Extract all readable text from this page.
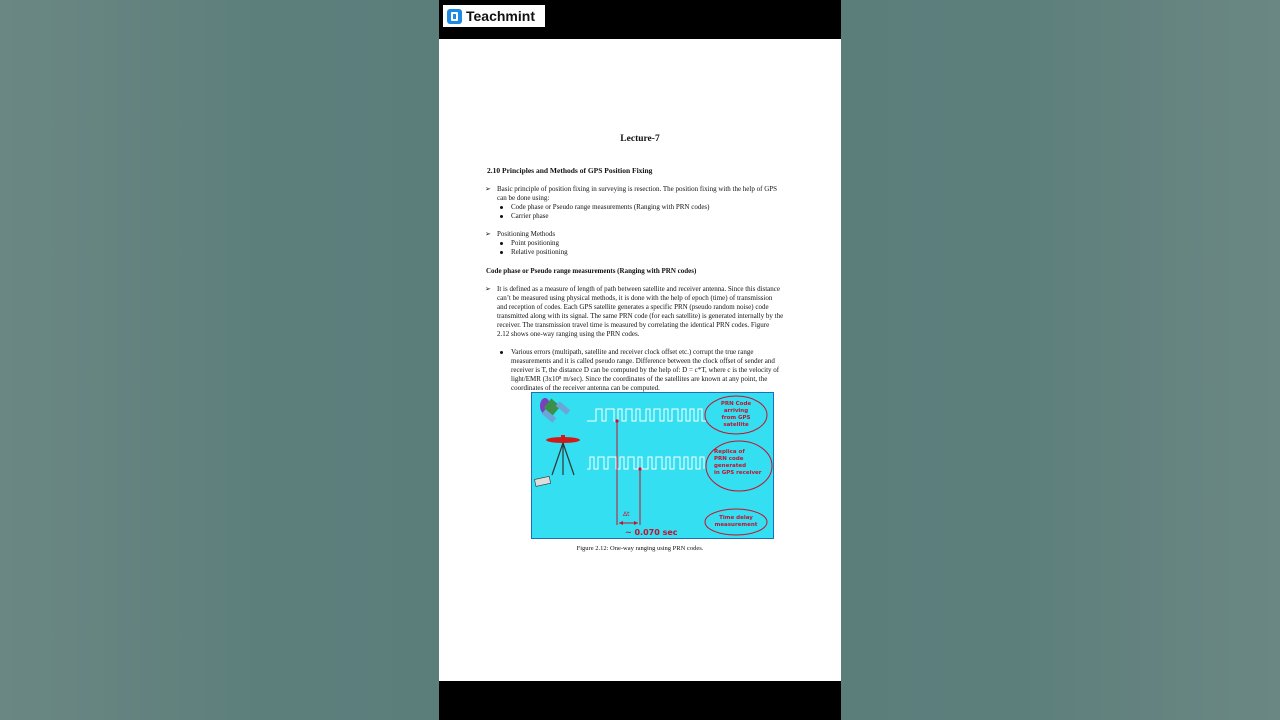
Teachmint
Lecture-7
2.10 Principles and Methods of GPS Position Fixing
➢ Basic principle of position fixing in surveying is resection. The position fixing with the help of GPS
can be done using:
Code phase or Pseudo range measurements (Ranging with PRN codes)
Carrier phase
➢ Positioning Methods
Point positioning
Relative positioning
Code phase or Pseudo range measurements (Ranging with PRN codes)
➢ It is defined as a measure of length of path between satellite and receiver antenna. Since this distance
can’t be measured using physical methods, it is done with the help of epoch (time) of transmission
and reception of codes. Each GPS satellite generates a specific PRN (pseudo random noise) code
transmitted along with its signal. The same PRN code (for each satellite) is generated internally by the
receiver. The transmission travel time is measured by correlating the identical PRN codes. Figure
2.12 shows one-way ranging using the PRN codes.
Various errors (multipath, satellite and receiver clock offset etc.) corrupt the true range
measurements and it is called pseudo range. Difference between the clock offset of sender and
receiver is T, the distance D can be computed by the help of: D = c*T, where c is the velocity of
light/EMR (3x10⁸ m/sec). Since the coordinates of the satellites are known at any point, the
coordinates of the receiver antenna can be computed.
PRN Code
arriving
from GPS
satellite
Replica of
PRN code
generated
in GPS receiver
Time delay
measurement
Δt
~ 0.070 sec
Figure 2.12: One-way ranging using PRN codes.
